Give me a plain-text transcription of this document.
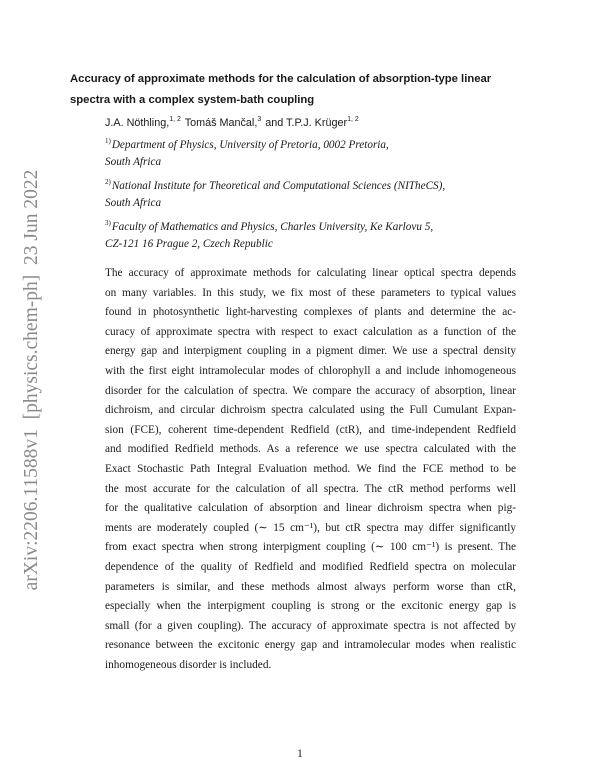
arXiv:2206.11588v1

[physics.chem-ph]

23 Jun 2022
Accuracy of approximate methods for the calculation of absorption-type linear
spectra with a complex system-bath coupling
J.A. Nöthling,$^{1, 2}$ Tomáš Mančal,$^3$ and T.P.J. Krüger$^{1, 2}$
$^{1)}$Department of Physics, University of Pretoria, 0002 Pretoria,
South Africa
$^{2)}$National Institute for Theoretical and Computational Sciences (NITheCS),
South Africa
$^{3)}$Faculty of Mathematics and Physics, Charles University, Ke Karlovu 5,
CZ-121 16 Prague 2, Czech Republic
The accuracy of approximate methods for calculating linear optical spectra depends
on many variables. In this study, we fix most of these parameters to typical values
found in photosynthetic light-harvesting complexes of plants and determine the ac-
curacy of approximate spectra with respect to exact calculation as a function of the
energy gap and interpigment coupling in a pigment dimer. We use a spectral density
with the first eight intramolecular modes of chlorophyll a and include inhomogeneous
disorder for the calculation of spectra. We compare the accuracy of absorption, linear
dichroism, and circular dichroism spectra calculated using the Full Cumulant Expan-
sion (FCE), coherent time-dependent Redfield (ctR), and time-independent Redfield
and modified Redfield methods. As a reference we use spectra calculated with the
Exact Stochastic Path Integral Evaluation method. We find the FCE method to be
the most accurate for the calculation of all spectra. The ctR method performs well
for the qualitative calculation of absorption and linear dichroism spectra when pig-
ments are moderately coupled (∼ 15 cm⁻¹), but ctR spectra may differ significantly
from exact spectra when strong interpigment coupling (∼ 100 cm⁻¹) is present. The
dependence of the quality of Redfield and modified Redfield spectra on molecular
parameters is similar, and these methods almost always perform worse than ctR,
especially when the interpigment coupling is strong or the excitonic energy gap is
small (for a given coupling). The accuracy of approximate spectra is not affected by
resonance between the excitonic energy gap and intramolecular modes when realistic
inhomogeneous disorder is included.
1
